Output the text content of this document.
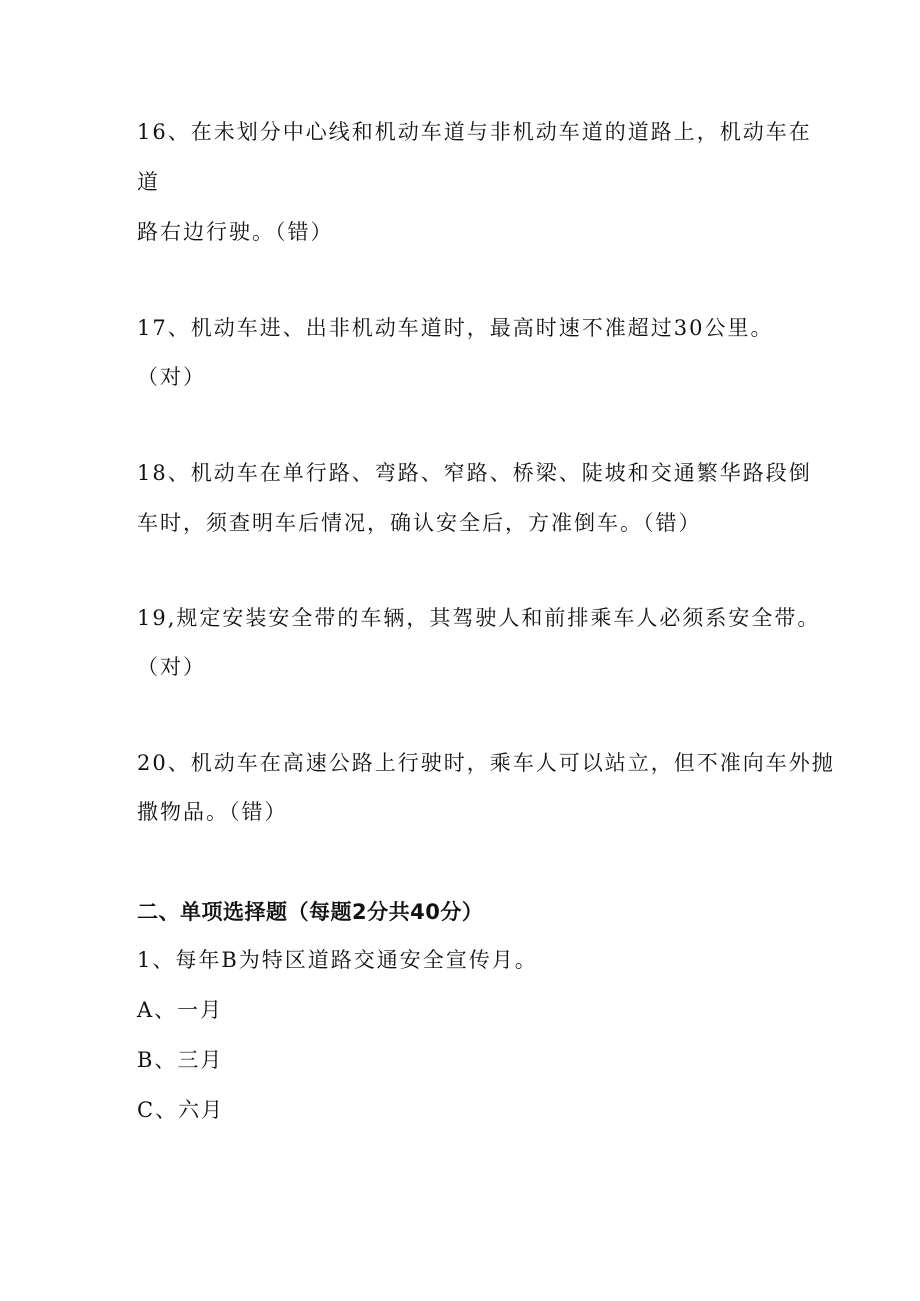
16、在未划分中心线和机动车道与非机动车道的道路上，机动车在
道
路右边行驶。（错）
17、机动车进、出非机动车道时，最高时速不准超过30公里。
（对）
18、机动车在单行路、弯路、窄路、桥梁、陡坡和交通繁华路段倒
车时，须查明车后情况，确认安全后，方准倒车。（错）
19,规定安装安全带的车辆，其驾驶人和前排乘车人必须系安全带。
（对）
20、机动车在高速公路上行驶时，乘车人可以站立，但不准向车外抛
撒物品。（错）
二、单项选择题（每题2分共40分）
1、每年B为特区道路交通安全宣传月。
A、一月
B、三月
C、六月
